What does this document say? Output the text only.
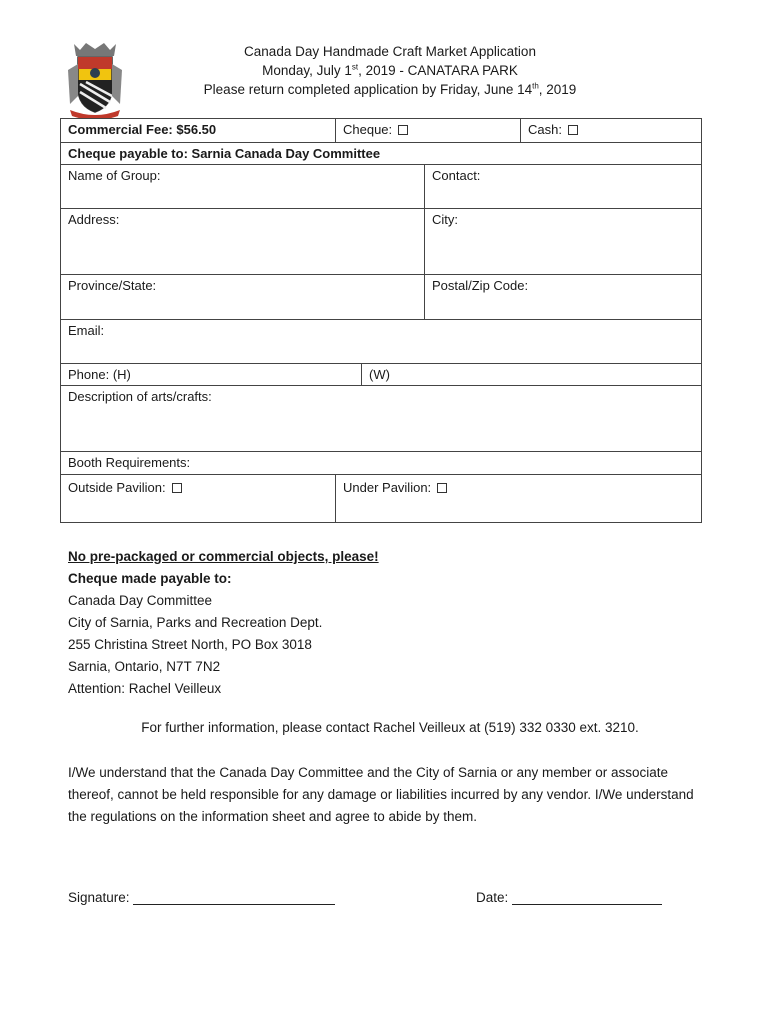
Canada Day Handmade Craft Market Application
Monday, July 1st, 2019 - CANATARA PARK
Please return completed application by Friday, June 14th, 2019
Commercial Fee: $56.50	Cheque:	Cash:
Cheque payable to: Sarnia Canada Day Committee
Name of Group:	Contact:
Address:	City:
Province/State:	Postal/Zip Code:
Email:
Phone: (H)	(W)
Description of arts/crafts:
Booth Requirements:
Outside Pavilion:	Under Pavilion:
No pre-packaged or commercial objects, please!
Cheque made payable to:
Canada Day Committee
City of Sarnia, Parks and Recreation Dept.
255 Christina Street North, PO Box 3018
Sarnia, Ontario, N7T 7N2
Attention: Rachel Veilleux
For further information, please contact Rachel Veilleux at (519) 332 0330 ext. 3210.
I/We understand that the Canada Day Committee and the City of Sarnia or any member or associate thereof, cannot be held responsible for any damage or liabilities incurred by any vendor. I/We understand the regulations on the information sheet and agree to abide by them.
Signature:	Date:
